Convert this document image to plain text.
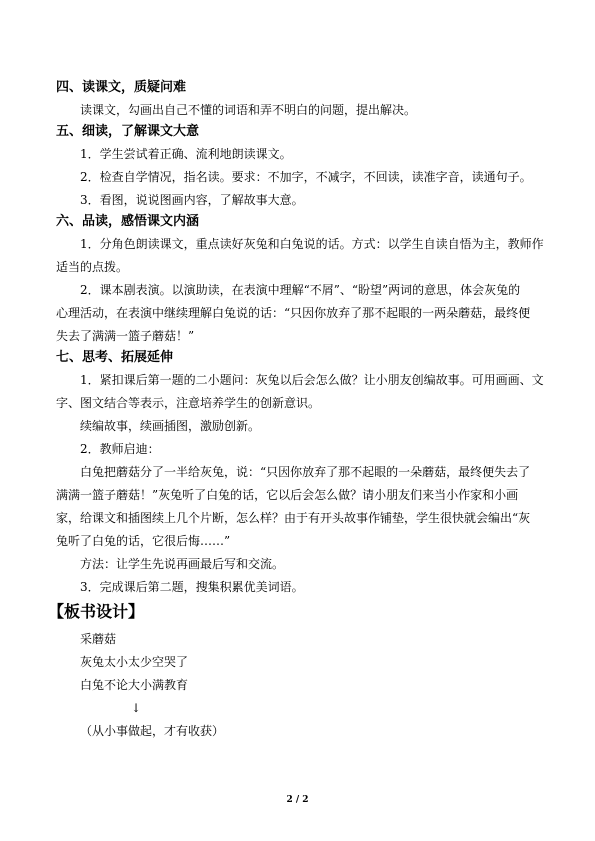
四、读课文，质疑问难
读课文，勾画出自己不懂的词语和弄不明白的问题，提出解决。
五、细读，了解课文大意
1．学生尝试着正确、流利地朗读课文。
2．检查自学情况，指名读。要求：不加字，不减字，不回读，读准字音，读通句子。
3．看图，说说图画内容，了解故事大意。
六、品读，感悟课文内涵
1．分角色朗读课文，重点读好灰兔和白兔说的话。方式：以学生自读自悟为主，教师作
适当的点拨。
2．课本剧表演。以演助读，在表演中理解“不屑”、“盼望”两词的意思，体会灰兔的
心理活动，在表演中继续理解白兔说的话：“只因你放弃了那不起眼的一两朵蘑菇，最终便
失去了满满一篮子蘑菇！”
七、思考、拓展延伸
1．紧扣课后第一题的二小题问：灰兔以后会怎么做？让小朋友创编故事。可用画画、文
字、图文结合等表示，注意培养学生的创新意识。
续编故事，续画插图，激励创新。
2．教师启迪：
白兔把蘑菇分了一半给灰兔，说：“只因你放弃了那不起眼的一朵蘑菇，最终便失去了
满满一篮子蘑菇！”灰兔听了白兔的话，它以后会怎么做？请小朋友们来当小作家和小画
家，给课文和插图续上几个片断，怎么样？由于有开头故事作铺垫，学生很快就会编出“灰
兔听了白兔的话，它很后悔……”
方法：让学生先说再画最后写和交流。
3．完成课后第二题，搜集积累优美词语。
【板书设计】
采蘑菇
灰兔太小太少空哭了
白兔不论大小满教育
↓
（从小事做起，才有收获）
2 / 2
